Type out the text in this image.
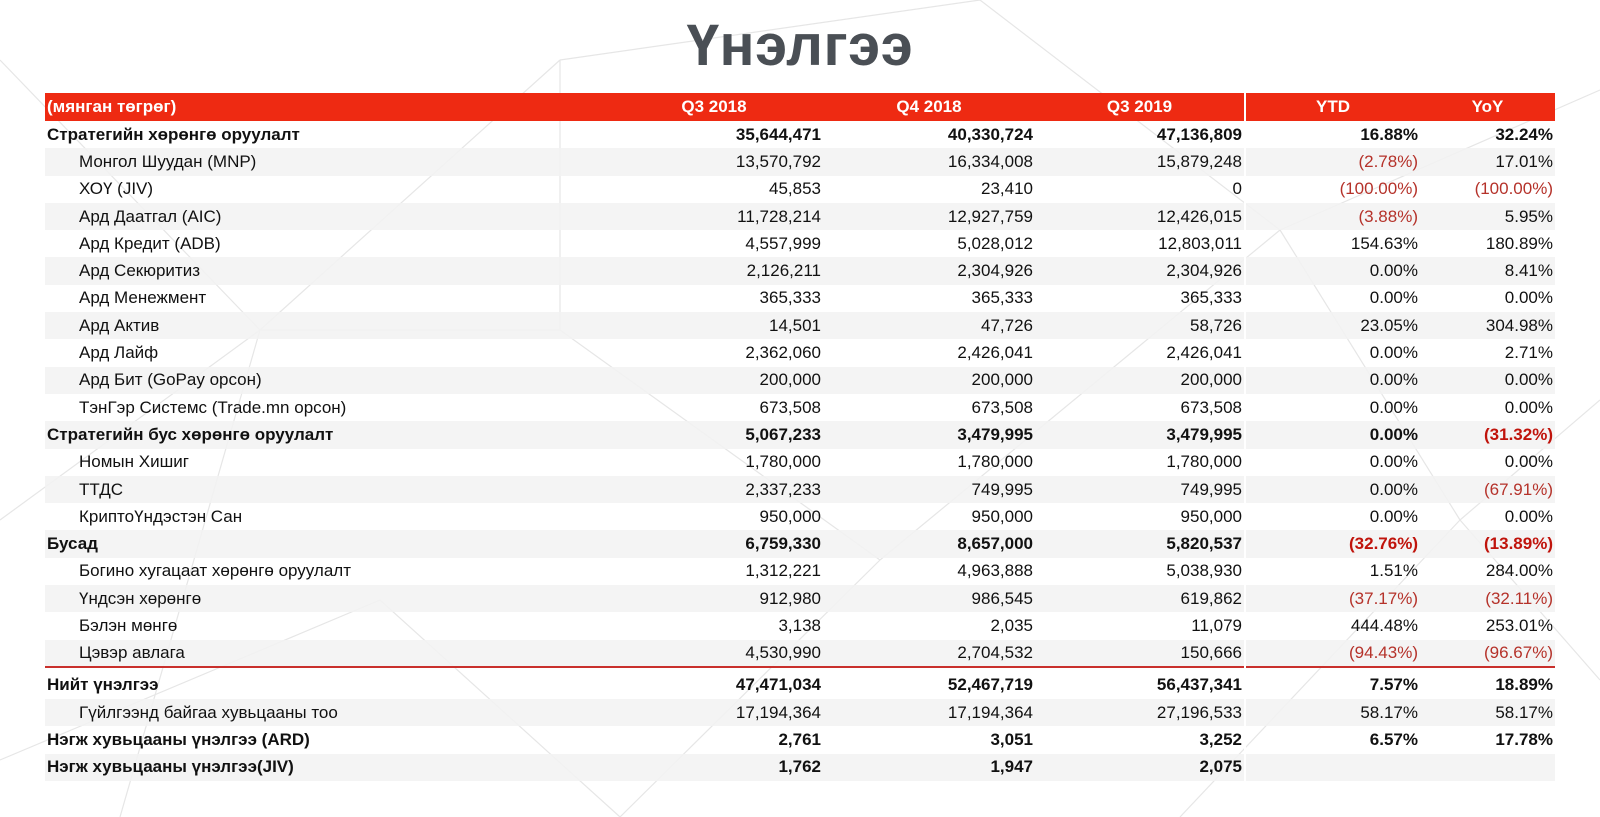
Үнэлгээ
(мянган төгрөг)	Q3 2018	Q4 2018	Q3 2019	YTD	YoY
Стратегийн хөрөнгө оруулалт	35,644,471	40,330,724	47,136,809	16.88%	32.24%
Монгол Шуудан (MNP)	13,570,792	16,334,008	15,879,248	(2.78%)	17.01%
ХОҮ (JIV)	45,853	23,410	0	(100.00%)	(100.00%)
Ард Даатгал (AIC)	11,728,214	12,927,759	12,426,015	(3.88%)	5.95%
Ард Кредит (ADB)	4,557,999	5,028,012	12,803,011	154.63%	180.89%
Ард Секюритиз	2,126,211	2,304,926	2,304,926	0.00%	8.41%
Ард Менежмент	365,333	365,333	365,333	0.00%	0.00%
Ард Актив	14,501	47,726	58,726	23.05%	304.98%
Ард Лайф	2,362,060	2,426,041	2,426,041	0.00%	2.71%
Ард Бит (GoPay орсон)	200,000	200,000	200,000	0.00%	0.00%
ТэнГэр Системс (Trade.mn орсон)	673,508	673,508	673,508	0.00%	0.00%
Стратегийн бус хөрөнгө оруулалт	5,067,233	3,479,995	3,479,995	0.00%	(31.32%)
Номын Хишиг	1,780,000	1,780,000	1,780,000	0.00%	0.00%
ТТДС	2,337,233	749,995	749,995	0.00%	(67.91%)
КриптоҮндэстэн Сан	950,000	950,000	950,000	0.00%	0.00%
Бусад	6,759,330	8,657,000	5,820,537	(32.76%)	(13.89%)
Богино хугацаат хөрөнгө оруулалт	1,312,221	4,963,888	5,038,930	1.51%	284.00%
Үндсэн хөрөнгө	912,980	986,545	619,862	(37.17%)	(32.11%)
Бэлэн мөнгө	3,138	2,035	11,079	444.48%	253.01%
Цэвэр авлага	4,530,990	2,704,532	150,666	(94.43%)	(96.67%)
Нийт үнэлгээ	47,471,034	52,467,719	56,437,341	7.57%	18.89%
Гүйлгээнд байгаа хувьцааны тоо	17,194,364	17,194,364	27,196,533	58.17%	58.17%
Нэгж хувьцааны үнэлгээ (ARD)	2,761	3,051	3,252	6.57%	17.78%
Нэгж хувьцааны үнэлгээ(JIV)	1,762	1,947	2,075		
